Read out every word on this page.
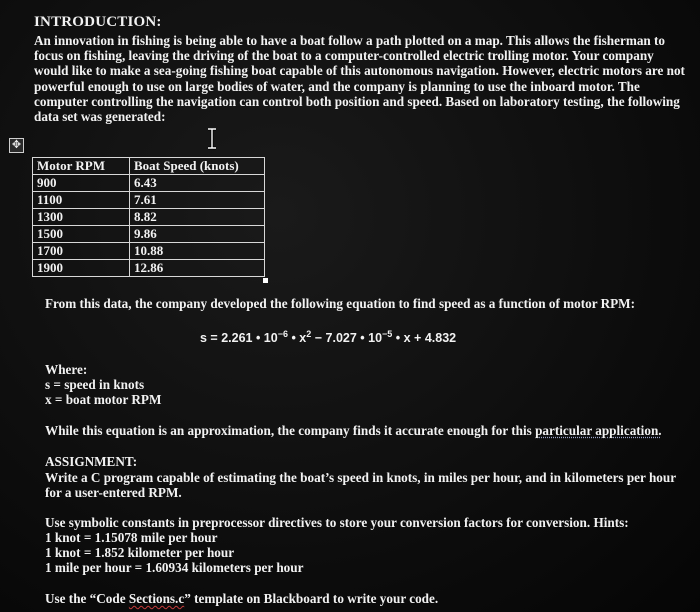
INTRODUCTION:
An innovation in fishing is being able to have a boat follow a path plotted on a map. This allows the fisherman to focus on fishing, leaving the driving of the boat to a computer-controlled electric trolling motor. Your company would like to make a sea-going fishing boat capable of this autonomous navigation. However, electric motors are not powerful enough to use on large bodies of water, and the company is planning to use the inboard motor. The computer controlling the navigation can control both position and speed. Based on laboratory testing, the following data set was generated:
✥
Motor RPM	Boat Speed (knots)
900	6.43
1100	7.61
1300	8.82
1500	9.86
1700	10.88
1900	12.86
From this data, the company developed the following equation to find speed as a function of motor RPM:
s = 2.261 • $10^{-6}$ • $x^2 - 7.027$ • $10^{-5}$ • x + 4.832
Where:
s = speed in knots
x = boat motor RPM
While this equation is an approximation, the company finds it accurate enough for this particular application.
ASSIGNMENT:
Write a C program capable of estimating the boat’s speed in knots, in miles per hour, and in kilometers per hour
for a user-entered RPM.
Use symbolic constants in preprocessor directives to store your conversion factors for conversion. Hints:
1 knot = 1.15078 mile per hour
1 knot = 1.852 kilometer per hour
1 mile per hour = 1.60934 kilometers per hour
Use the “Code Sections.c” template on Blackboard to write your code.
